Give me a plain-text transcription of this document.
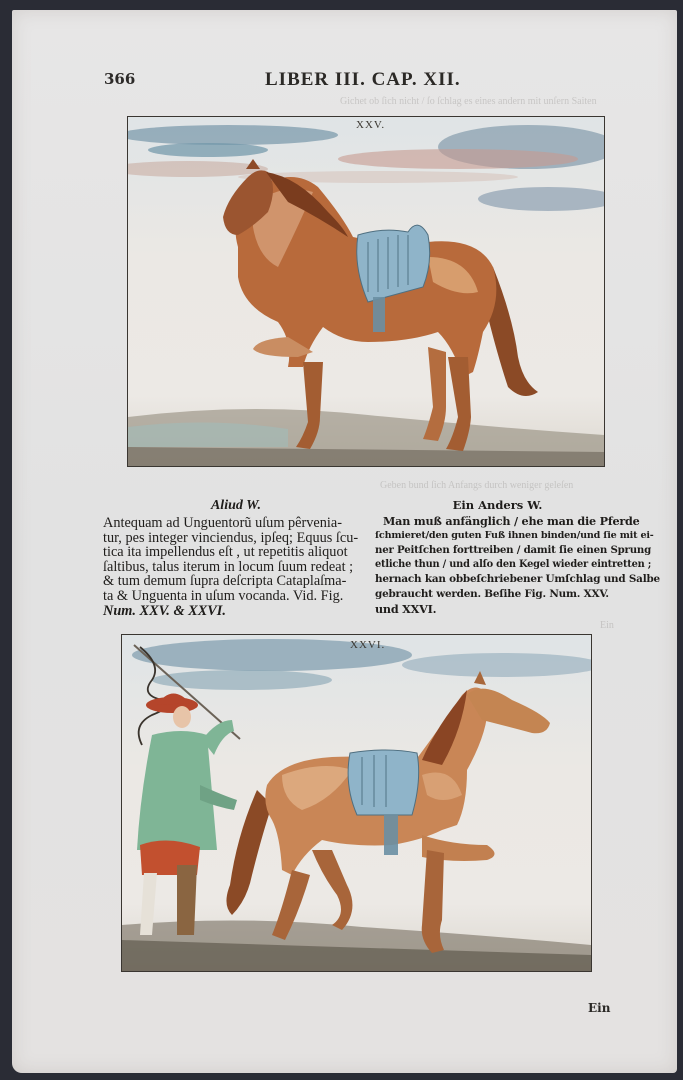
Gichet ob ſich nicht / ſo ſchlag es eines andern mit unſern Saiten
Geben bund ſich Anfangs durch weniger geleſen
Ein
366	LIBER III. CAP. XII.
XXV.
Aliud W.
Antequam ad Unguentorũ uſum pêrvenia-
tur, pes integer vinciendus, ipſeq; Equus ſcu-
tica ita impellendus eſt , ut repetitis aliquot
ſaltibus, talus iterum in locum ſuum redeat ;
& tum demum ſupra deſcripta Cataplaſma-
ta & Unguenta in uſum vocanda. Vid. Fig.
Num. XXV. & XXVI.
Ein Anders W.
Man muß anfänglich / ehe man die Pferde
ſchmieret/den guten Fuß ihnen binden/und ſie mit ei-
ner Peitſchen forttreiben / damit ſie einen Sprung
etliche thun / und alſo den Kegel wieder eintretten ;
hernach kan obbeſchriebener Umſchlag und Salbe
gebraucht werden. Beſihe Fig. Num. XXV.
und XXVI.
XXVI.
Ein
